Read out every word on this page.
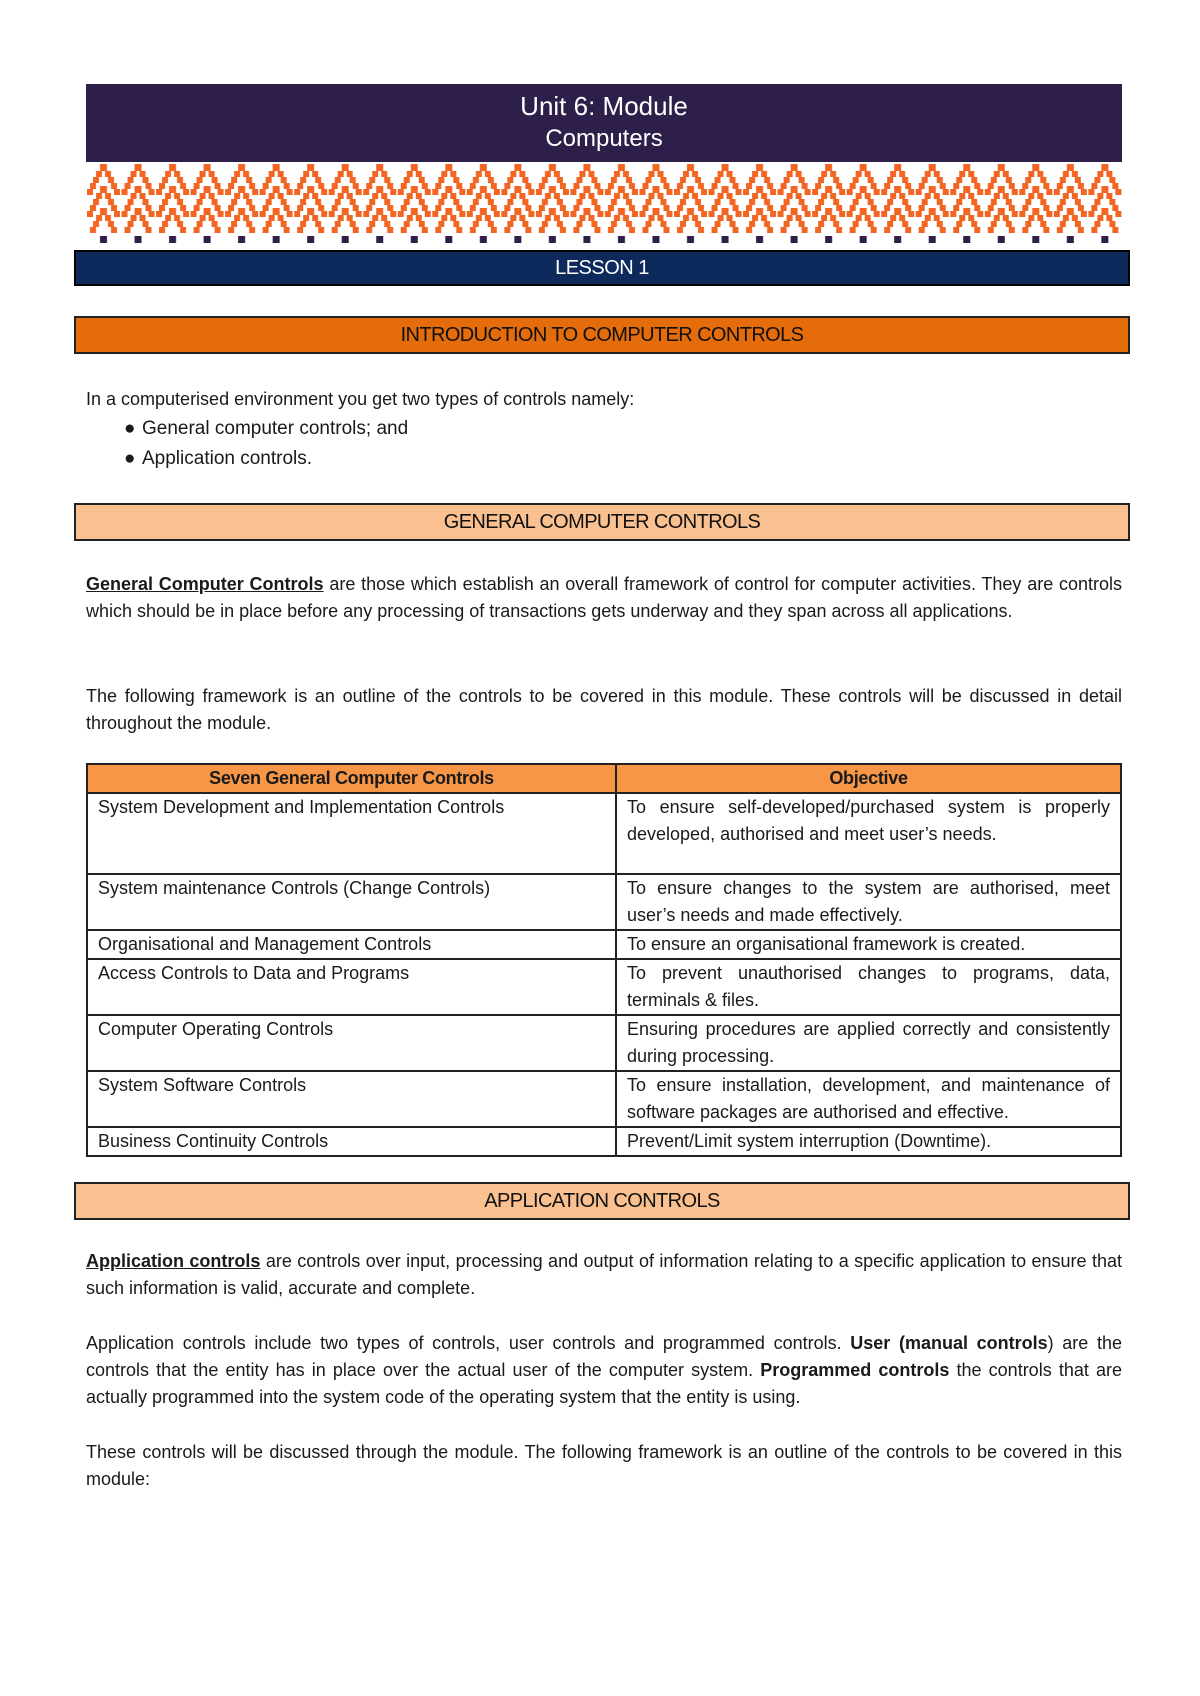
Unit 6: Module
Computers
LESSON 1
INTRODUCTION TO COMPUTER CONTROLS
In a computerised environment you get two types of controls namely:
● General computer controls; and
● Application controls.
GENERAL COMPUTER CONTROLS
General Computer Controls are those which establish an overall framework of control for computer activities. They are controls which should be in place before any processing of transactions gets underway and they span across all applications.
The following framework is an outline of the controls to be covered in this module. These controls will be discussed in detail throughout the module.
Seven General Computer Controls	Objective
System Development and Implementation Controls	To ensure self-developed/purchased system is properly developed, authorised and meet user’s needs.
System maintenance Controls (Change Controls)	To ensure changes to the system are authorised, meet user’s needs and made effectively.
Organisational and Management Controls	To ensure an organisational framework is created.
Access Controls to Data and Programs	To prevent unauthorised changes to programs, data, terminals & files.
Computer Operating Controls	Ensuring procedures are applied correctly and consistently during processing.
System Software Controls	To ensure installation, development, and maintenance of software packages are authorised and effective.
Business Continuity Controls	Prevent/Limit system interruption (Downtime).
APPLICATION CONTROLS
Application controls are controls over input, processing and output of information relating to a specific application to ensure that such information is valid, accurate and complete.
Application controls include two types of controls, user controls and programmed controls. User (manual controls) are the controls that the entity has in place over the actual user of the computer system. Programmed controls the controls that are actually programmed into the system code of the operating system that the entity is using.
These controls will be discussed through the module. The following framework is an outline of the controls to be covered in this module:
